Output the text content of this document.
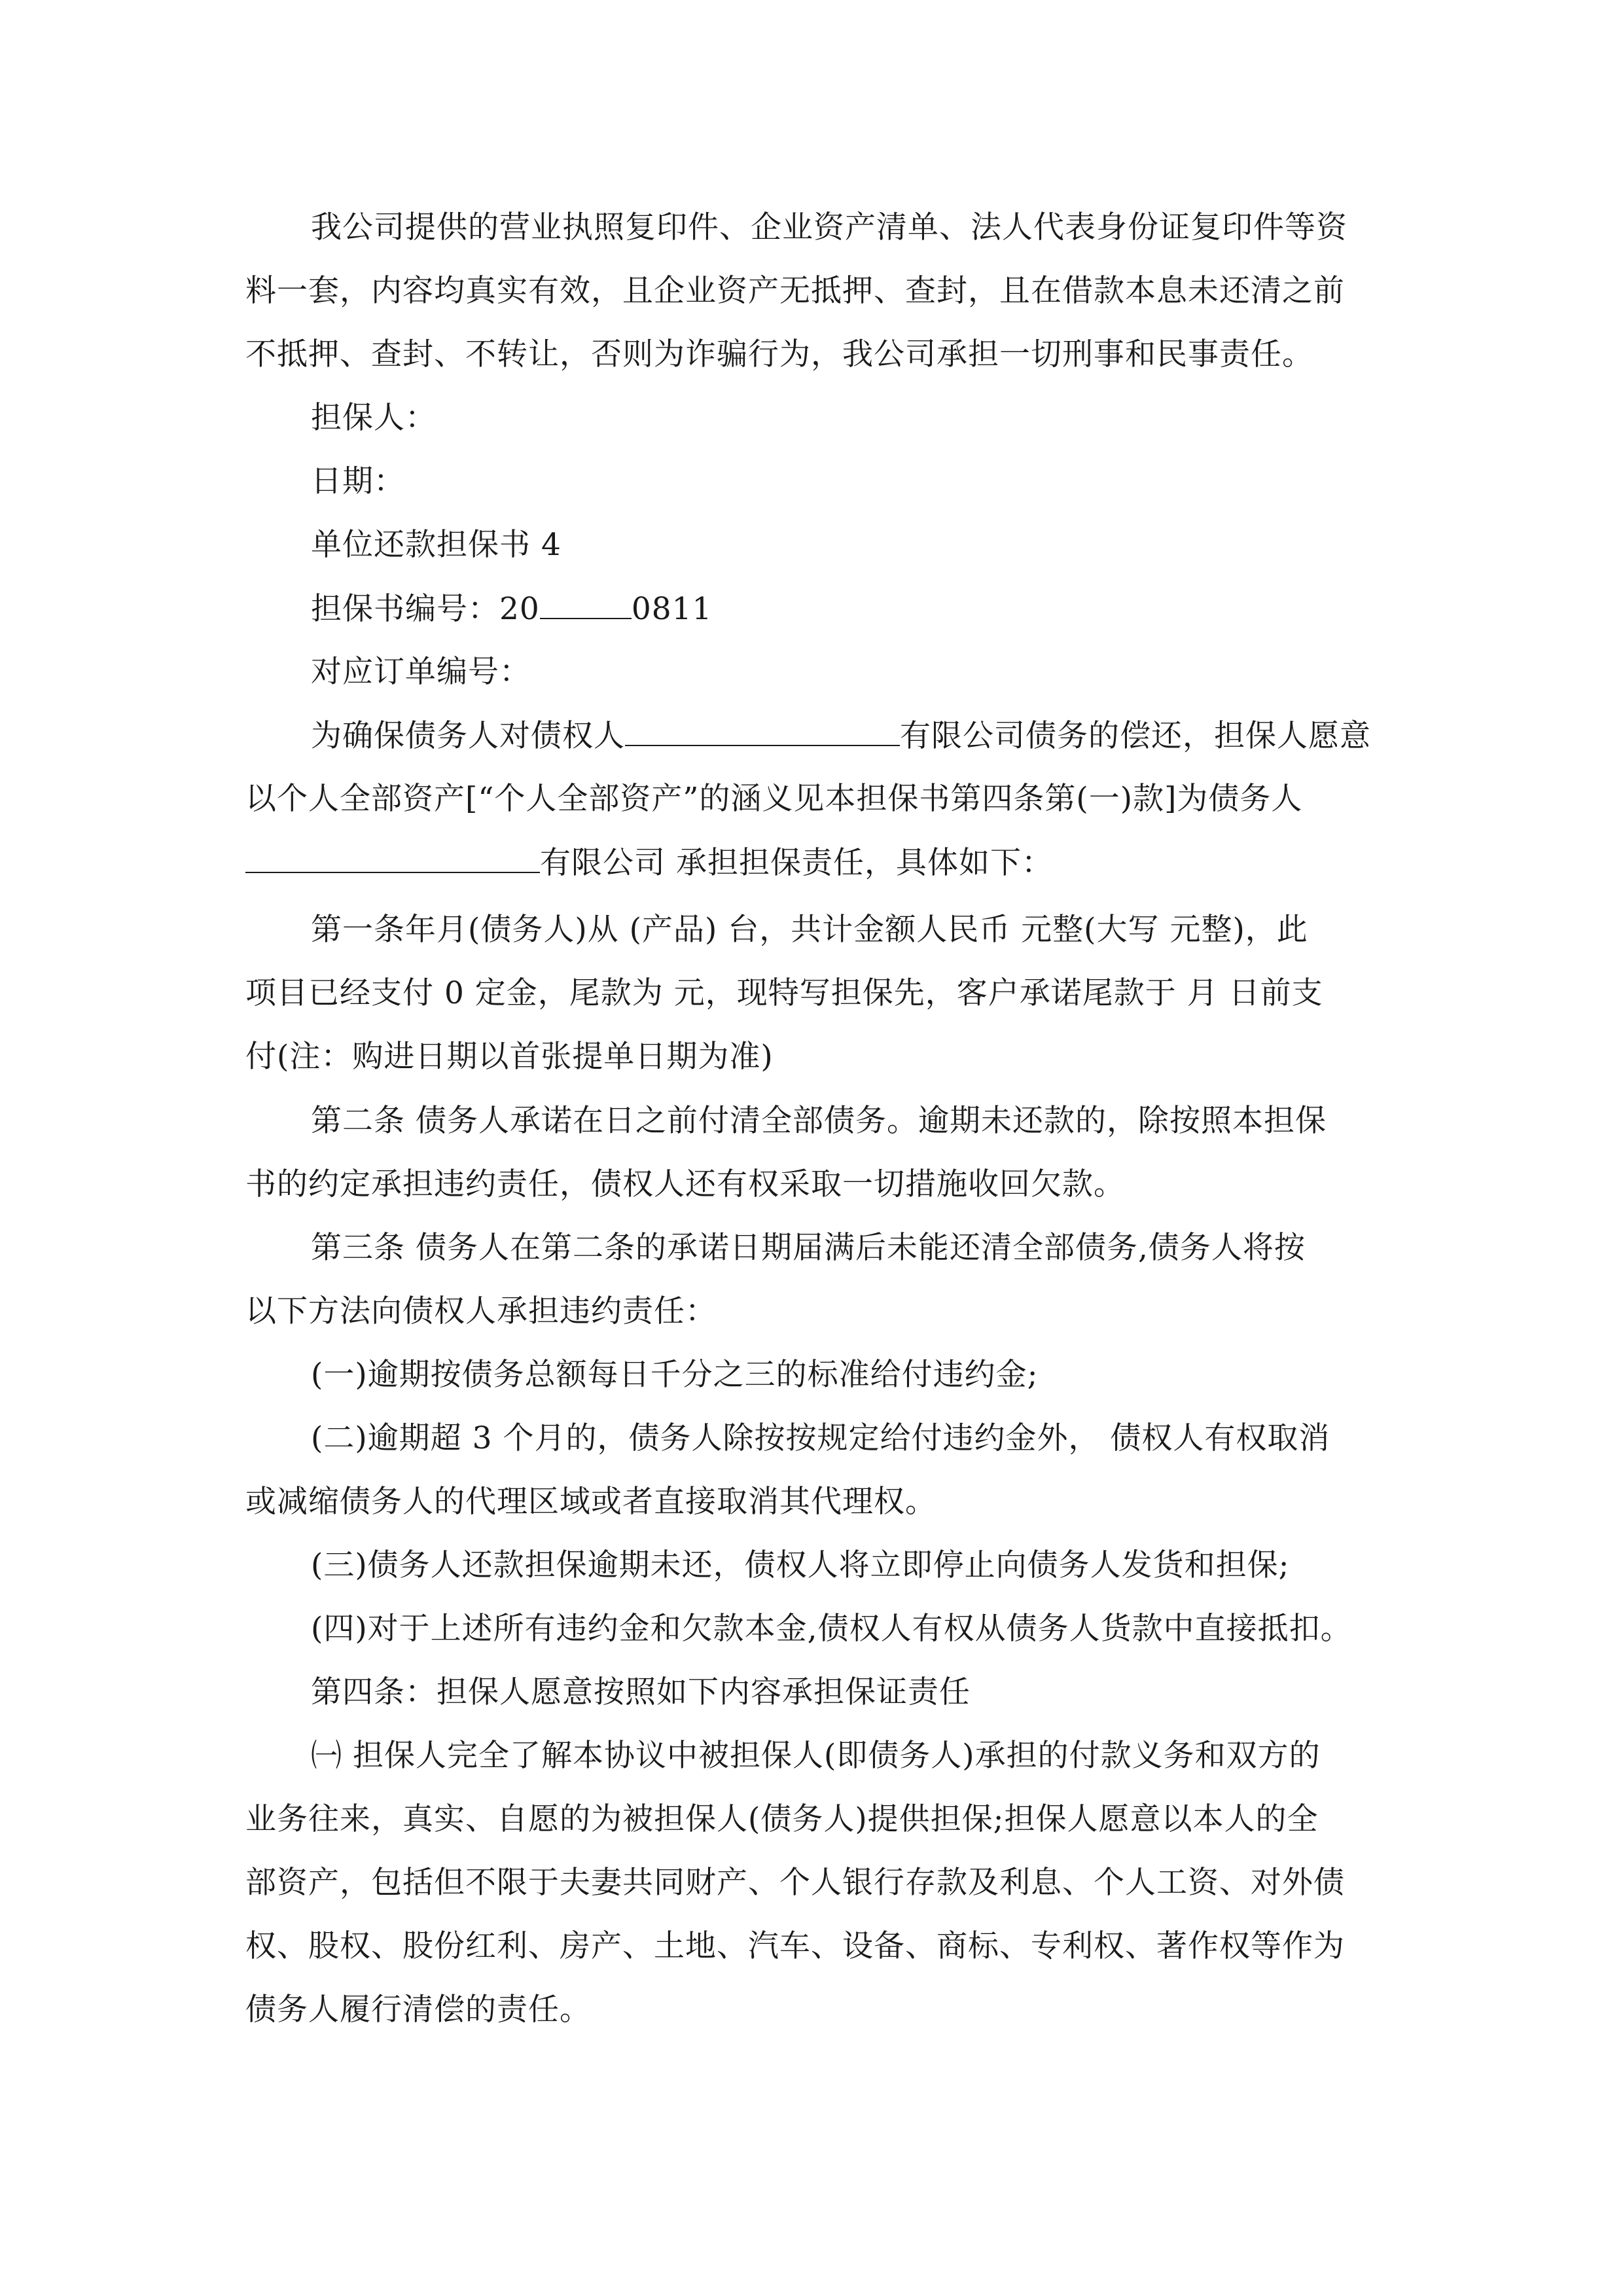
我公司提供的营业执照复印件、企业资产清单、法人代表身份证复印件等资
料一套，内容均真实有效，且企业资产无抵押、查封，且在借款本息未还清之前
不抵押、查封、不转让，否则为诈骗行为，我公司承担一切刑事和民事责任。
担保人：
日期：
单位还款担保书 4
担保书编号：20	0811
对应订单编号：
为确保债务人对债权人	有限公司债务的偿还，担保人愿意
以个人全部资产[“个人全部资产”的涵义见本担保书第四条第(一)款]为债务人
有限公司 承担担保责任，具体如下：
第一条年月(债务人)从 (产品) 台，共计金额人民币 元整(大写 元整)，此
项目已经支付 0 定金，尾款为 元，现特写担保先，客户承诺尾款于 月 日前支
付(注：购进日期以首张提单日期为准)
第二条 债务人承诺在日之前付清全部债务。逾期未还款的，除按照本担保
书的约定承担违约责任，债权人还有权采取一切措施收回欠款。
第三条 债务人在第二条的承诺日期届满后未能还清全部债务,债务人将按
以下方法向债权人承担违约责任：
(一)逾期按债务总额每日千分之三的标准给付违约金;
(二)逾期超 3 个月的，债务人除按按规定给付违约金外， 债权人有权取消
或减缩债务人的代理区域或者直接取消其代理权。
(三)债务人还款担保逾期未还，债权人将立即停止向债务人发货和担保;
(四)对于上述所有违约金和欠款本金,债权人有权从债务人货款中直接抵扣。
第四条：担保人愿意按照如下内容承担保证责任
㈠ 担保人完全了解本协议中被担保人(即债务人)承担的付款义务和双方的
业务往来，真实、自愿的为被担保人(债务人)提供担保;担保人愿意以本人的全
部资产，包括但不限于夫妻共同财产、个人银行存款及利息、个人工资、对外债
权、股权、股份红利、房产、土地、汽车、设备、商标、专利权、著作权等作为
债务人履行清偿的责任。
